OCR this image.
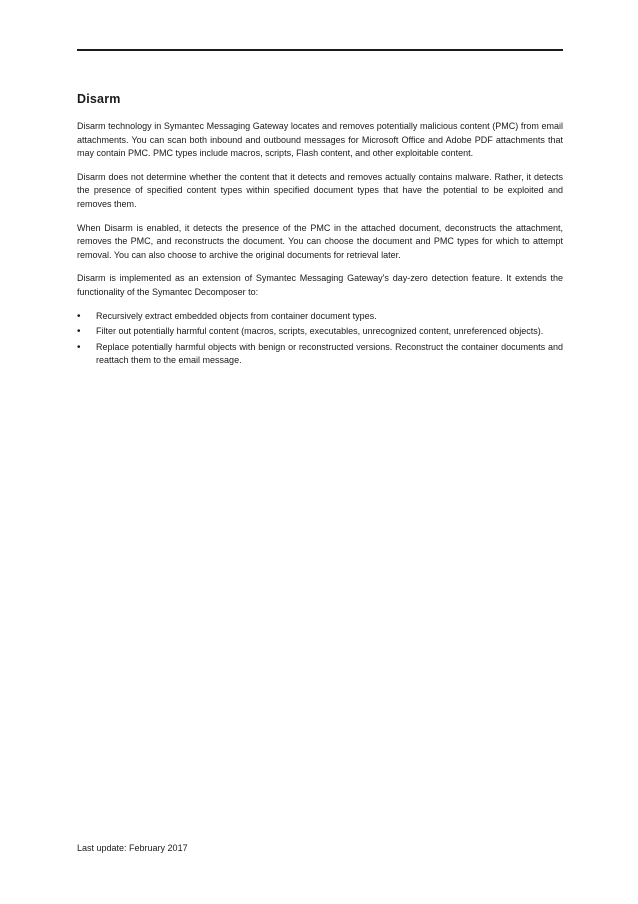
Disarm

Disarm technology in Symantec Messaging Gateway locates and removes potentially malicious content (PMC) from email attachments. You can scan both inbound and outbound messages for Microsoft Office and Adobe PDF attachments that may contain PMC. PMC types include macros, scripts, Flash content, and other exploitable content.

Disarm does not determine whether the content that it detects and removes actually contains malware. Rather, it detects the presence of specified content types within specified document types that have the potential to be exploited and removes them.

When Disarm is enabled, it detects the presence of the PMC in the attached document, deconstructs the attachment, removes the PMC, and reconstructs the document. You can choose the document and PMC types for which to attempt removal. You can also choose to archive the original documents for retrieval later.

Disarm is implemented as an extension of Symantec Messaging Gateway's day-zero detection feature. It extends the functionality of the Symantec Decomposer to:

• Recursively extract embedded objects from container document types.
• Filter out potentially harmful content (macros, scripts, executables, unrecognized content, unreferenced objects).
• Replace potentially harmful objects with benign or reconstructed versions. Reconstruct the container documents and reattach them to the email message.
Last update: February 2017
